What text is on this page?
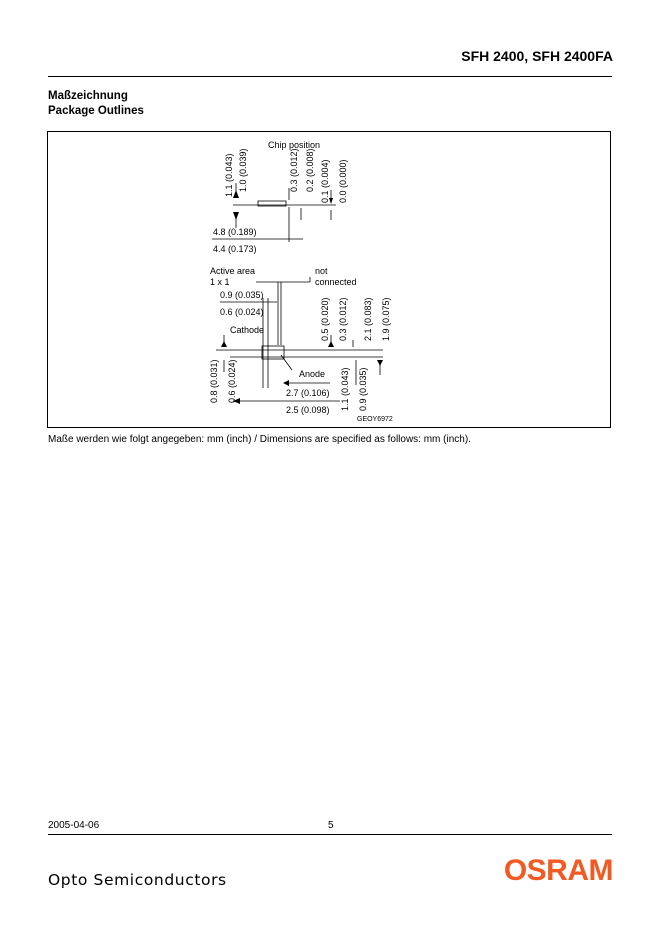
SFH 2400, SFH 2400FA
Maßzeichnung
Package Outlines
Chip position
1.1 (0.043) 1.0 (0.039)	0.3 (0.012) 0.2 (0.008) 0.1 (0.004) 0.0 (0.000)
4.8 (0.189)
4.4 (0.173)
Active area
1 x 1
not
connected
0.9 (0.035)
0.6 (0.024)
Cathode	0.5 (0.020) 0.3 (0.012) 2.1 (0.083) 1.9 (0.075)
0.8 (0.031) 0.6 (0.024)	Anode
2.7 (0.106)
2.5 (0.098) 1.1 (0.043) 0.9 (0.035)
GEOY6972
Maße werden wie folgt angegeben: mm (inch) / Dimensions are specified as follows: mm (inch).
2005-04-06	5
Opto Semiconductors	OSRAM
